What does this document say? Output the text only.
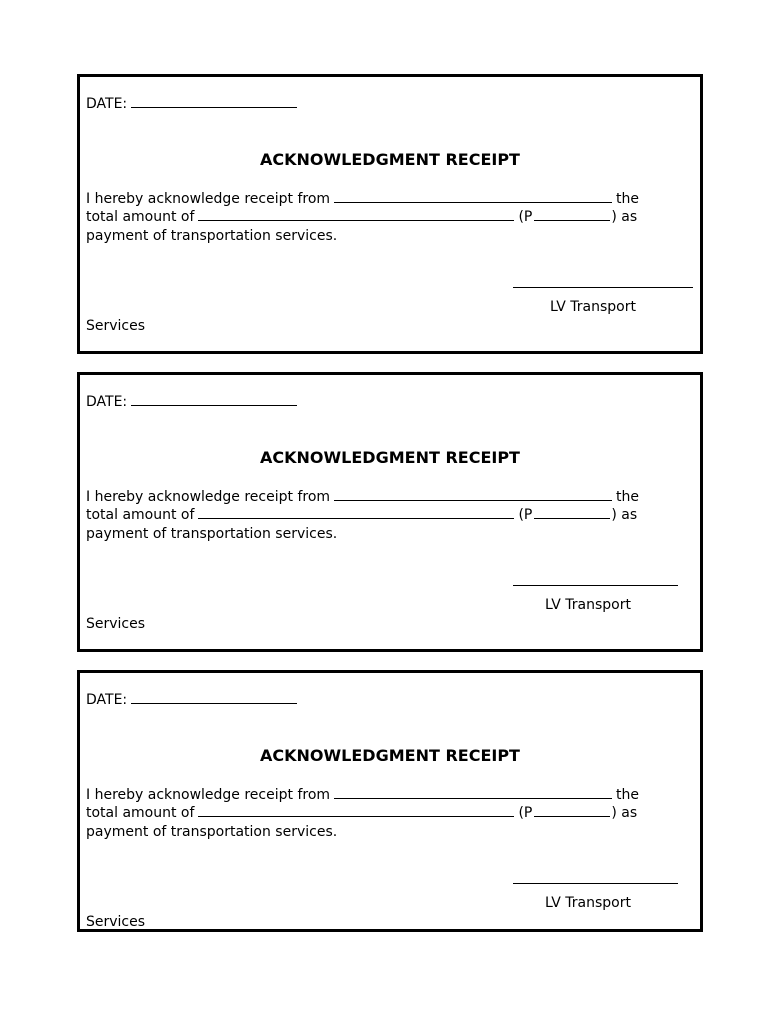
DATE:
ACKNOWLEDGMENT RECEIPT
I hereby acknowledge receipt from	the
total amount of	(P	) as
payment of transportation services.
LV Transport
Services
DATE:
ACKNOWLEDGMENT RECEIPT
I hereby acknowledge receipt from	the
total amount of	(P	) as
payment of transportation services.
LV Transport
Services
DATE:
ACKNOWLEDGMENT RECEIPT
I hereby acknowledge receipt from	the
total amount of	(P	) as
payment of transportation services.
LV Transport
Services
